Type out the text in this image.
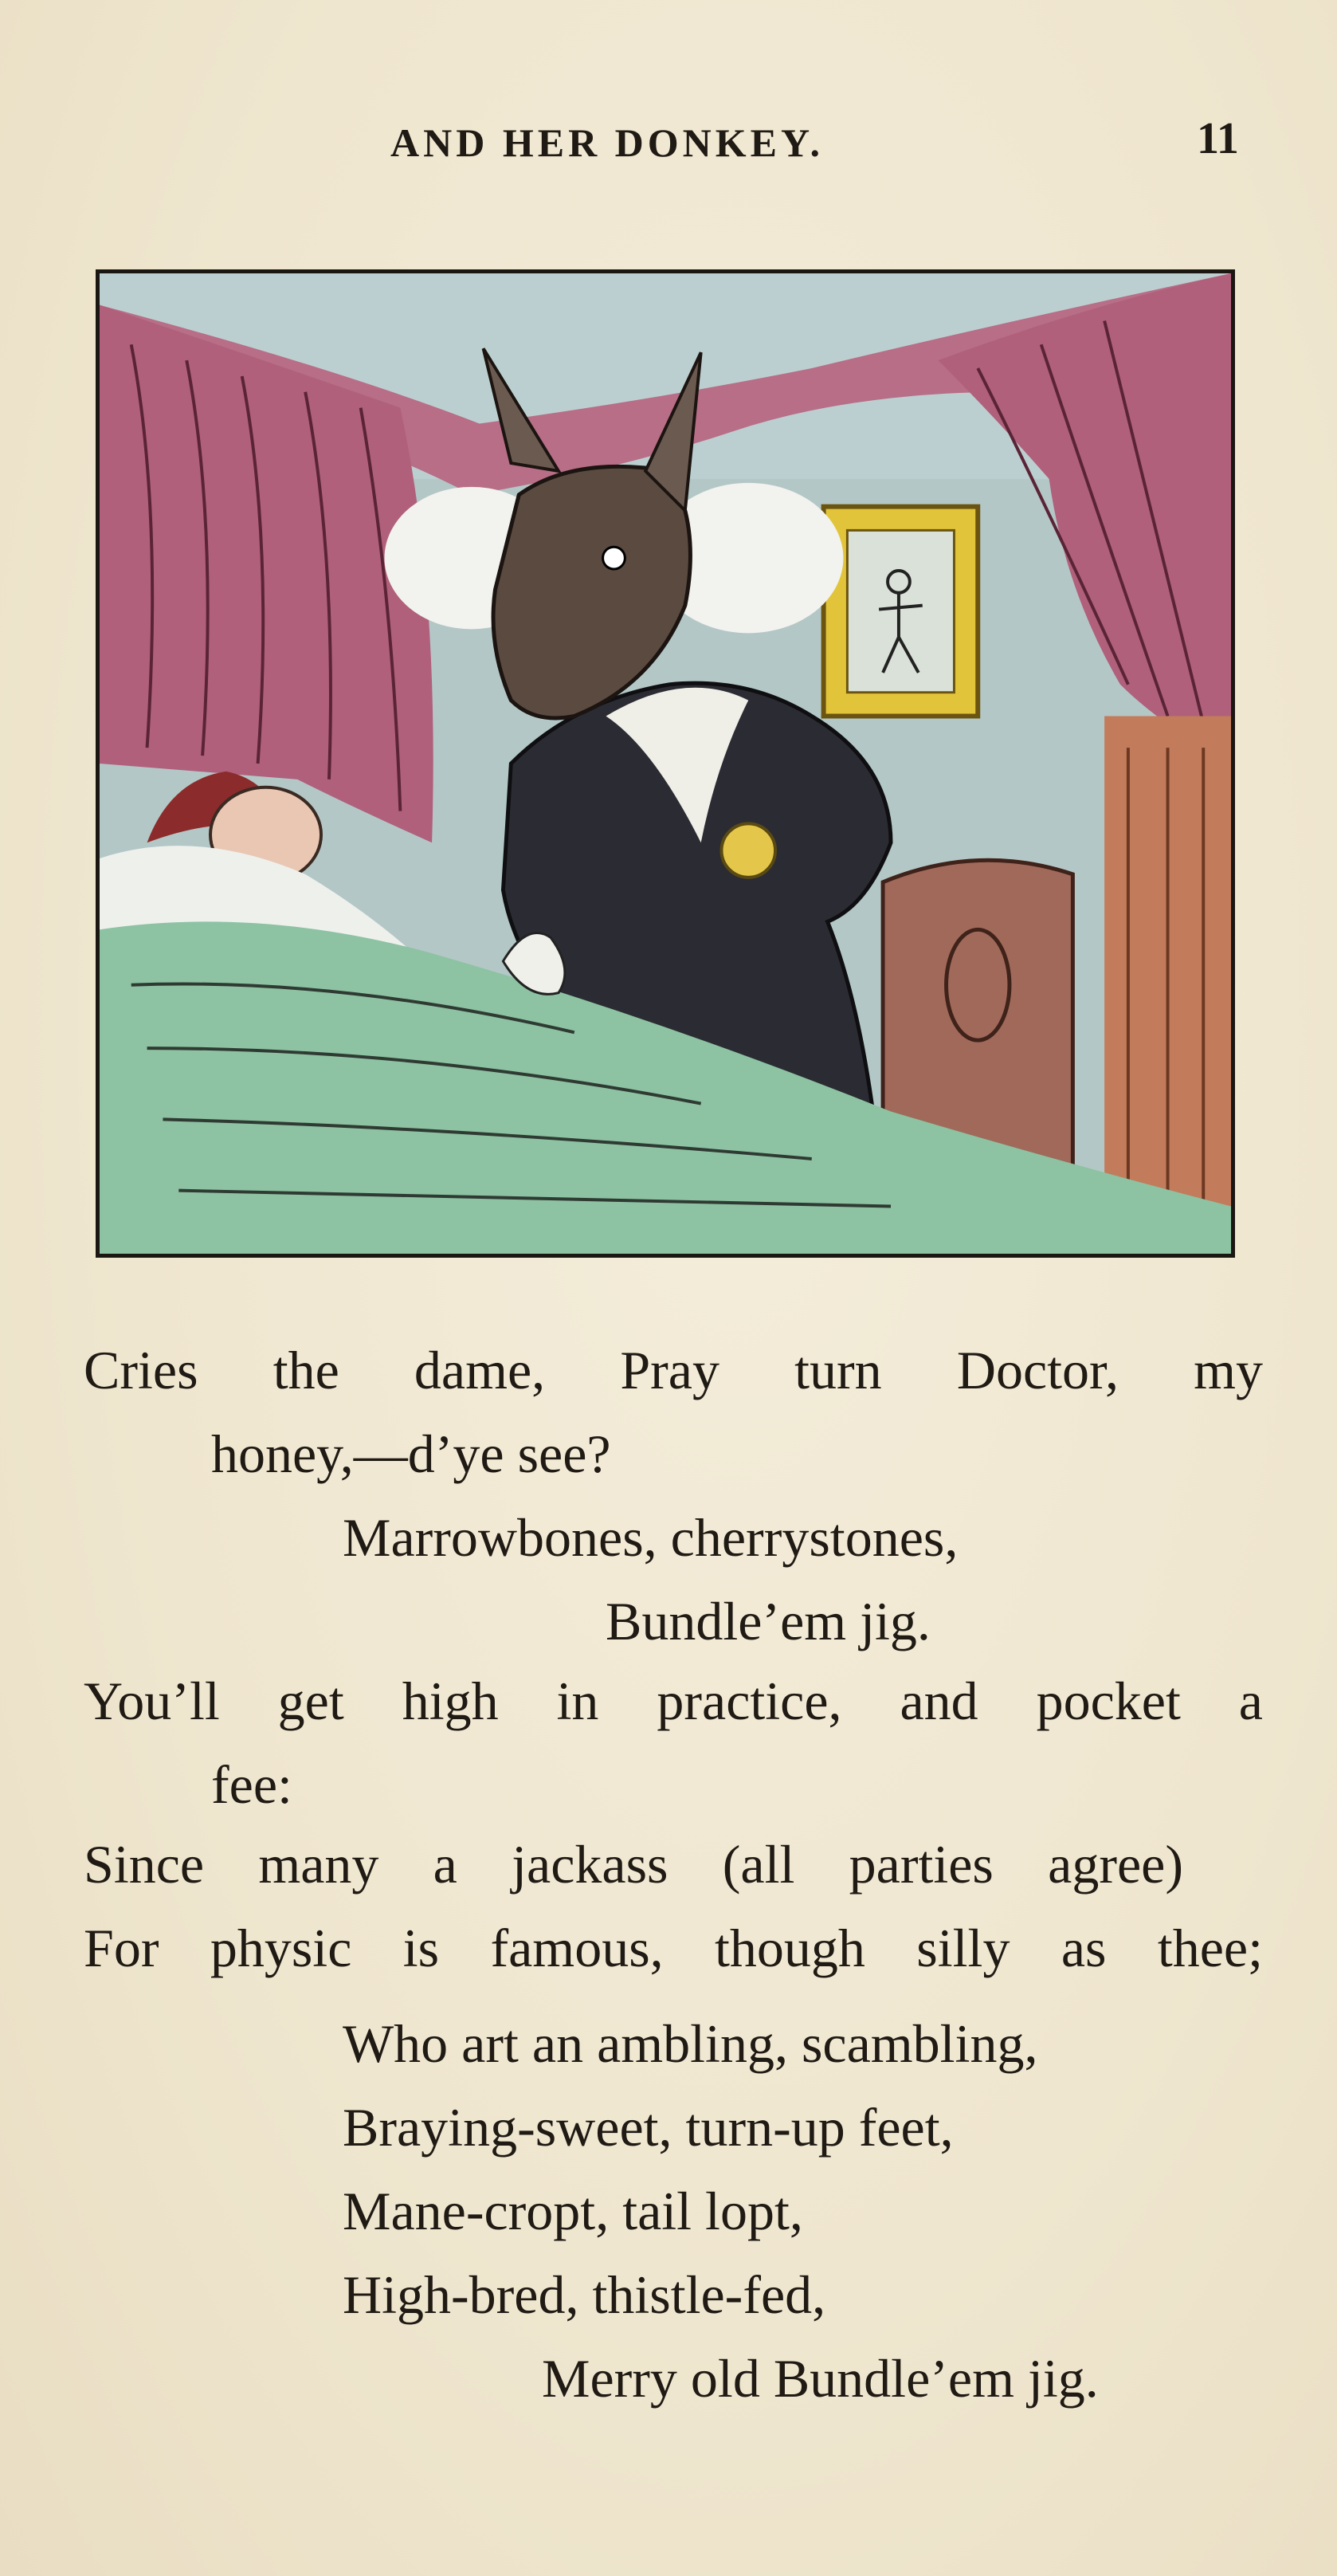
AND HER DONKEY.	11
Cries the dame, Pray turn Doctor, my
honey,—d’ye see?
Marrowbones, cherrystones,
Bundle’em jig.
You’ll get high in practice, and pocket a
fee:
Since many a jackass (all parties agree)
For physic is famous, though silly as thee;
Who art an ambling, scambling,
Braying-sweet, turn-up feet,
Mane-cropt, tail lopt,
High-bred, thistle-fed,
Merry old Bundle’em jig.
